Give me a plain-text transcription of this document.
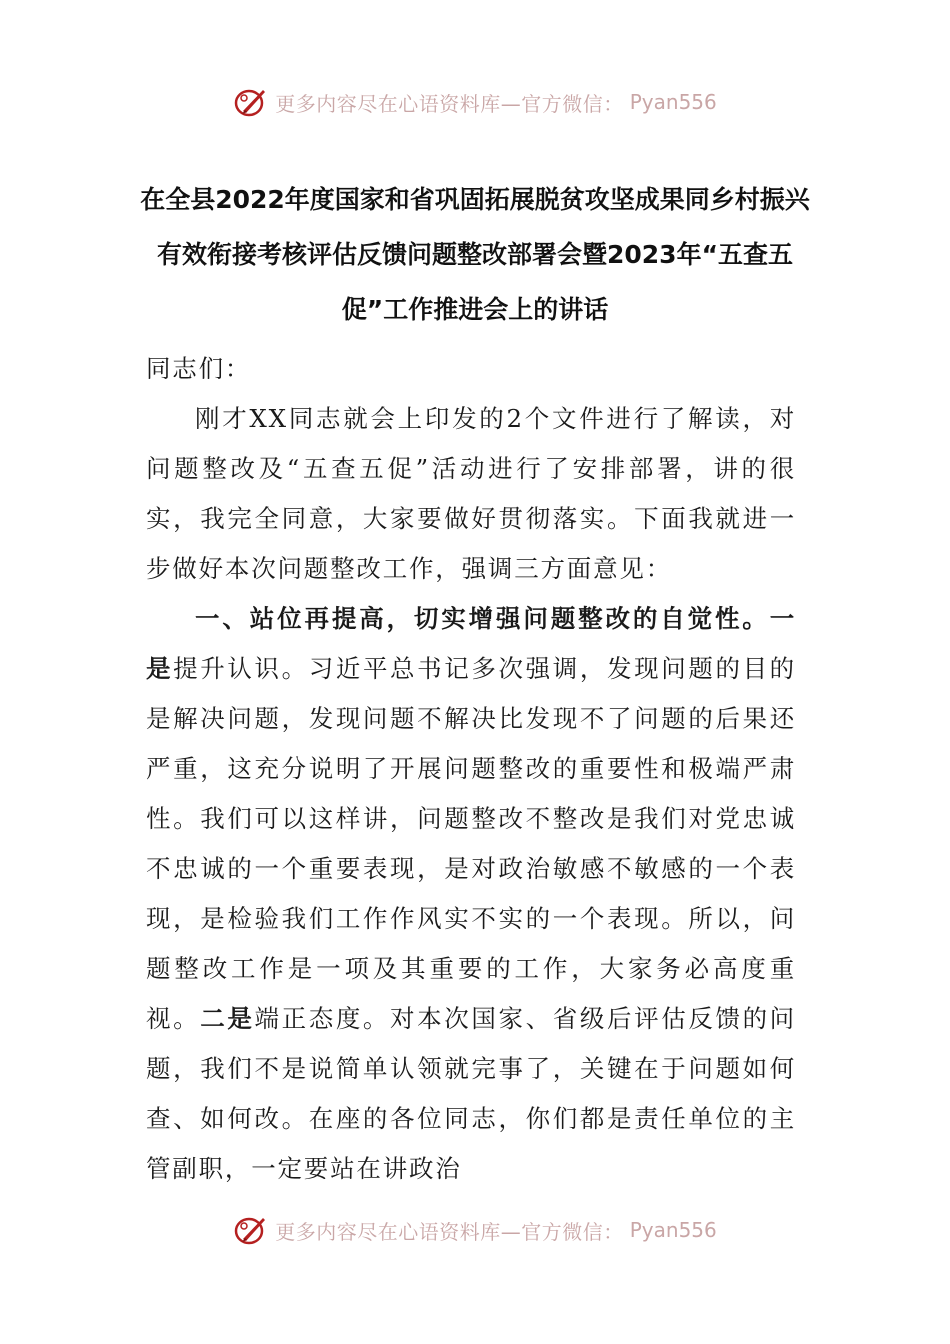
更多内容尽在心语资料库—官方微信： Pyan556
在全县2022年度国家和省巩固拓展脱贫攻坚成果同乡村振兴有效衔接考核评估反馈问题整改部署会暨2023年“五查五促”工作推进会上的讲话

同志们：

刚才XX同志就会上印发的2个文件进行了解读，对问题整改及“五查五促”活动进行了安排部署，讲的很实，我完全同意，大家要做好贯彻落实。下面我就进一步做好本次问题整改工作，强调三方面意见：

一、站位再提高，切实增强问题整改的自觉性。一是提升认识。习近平总书记多次强调，发现问题的目的是解决问题，发现问题不解决比发现不了问题的后果还严重，这充分说明了开展问题整改的重要性和极端严肃性。我们可以这样讲，问题整改不整改是我们对党忠诚不忠诚的一个重要表现，是对政治敏感不敏感的一个表现，是检验我们工作作风实不实的一个表现。所以，问题整改工作是一项及其重要的工作，大家务必高度重视。二是端正态度。对本次国家、省级后评估反馈的问题，我们不是说简单认领就完事了，关键在于问题如何查、如何改。在座的各位同志，你们都是责任单位的主管副职，一定要站在讲政治

更多内容尽在心语资料库—官方微信： Pyan556
